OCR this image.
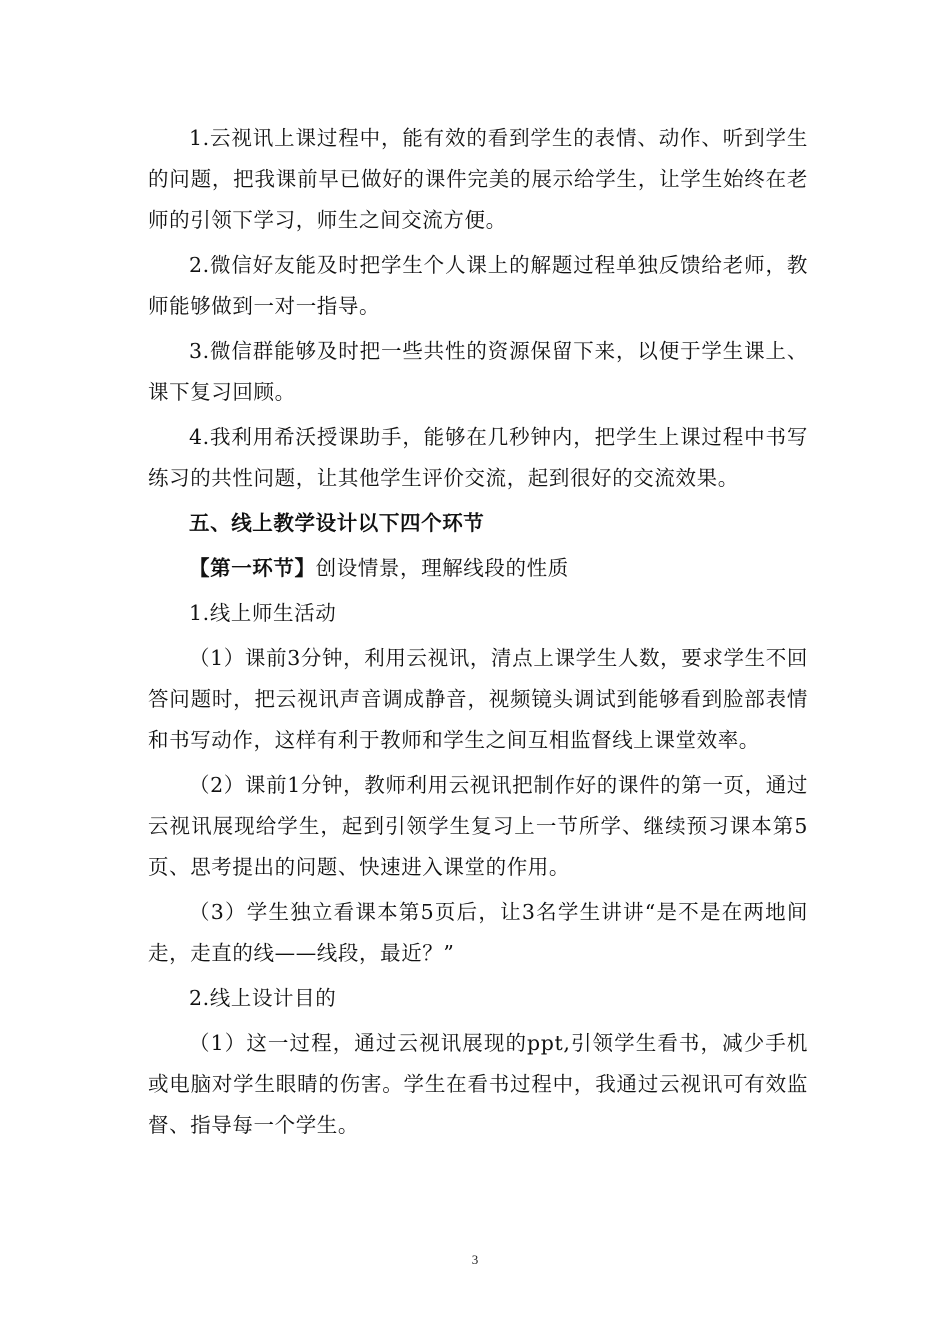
1.云视讯上课过程中，能有效的看到学生的表情、动作、听到学生的问题，把我课前早已做好的课件完美的展示给学生，让学生始终在老师的引领下学习，师生之间交流方便。

2.微信好友能及时把学生个人课上的解题过程单独反馈给老师，教师能够做到一对一指导。

3.微信群能够及时把一些共性的资源保留下来，以便于学生课上、课下复习回顾。

4.我利用希沃授课助手，能够在几秒钟内，把学生上课过程中书写练习的共性问题，让其他学生评价交流，起到很好的交流效果。

五、线上教学设计以下四个环节

【第一环节】创设情景，理解线段的性质

1.线上师生活动

（1）课前3分钟，利用云视讯，清点上课学生人数，要求学生不回答问题时，把云视讯声音调成静音，视频镜头调试到能够看到脸部表情和书写动作，这样有利于教师和学生之间互相监督线上课堂效率。

（2）课前1分钟，教师利用云视讯把制作好的课件的第一页，通过云视讯展现给学生，起到引领学生复习上一节所学、继续预习课本第5页、思考提出的问题、快速进入课堂的作用。

（3）学生独立看课本第5页后，让3名学生讲讲“是不是在两地间走，走直的线——线段，最近？”

2.线上设计目的

（1）这一过程，通过云视讯展现的ppt,引领学生看书，减少手机或电脑对学生眼睛的伤害。学生在看书过程中，我通过云视讯可有效监督、指导每一个学生。

3
